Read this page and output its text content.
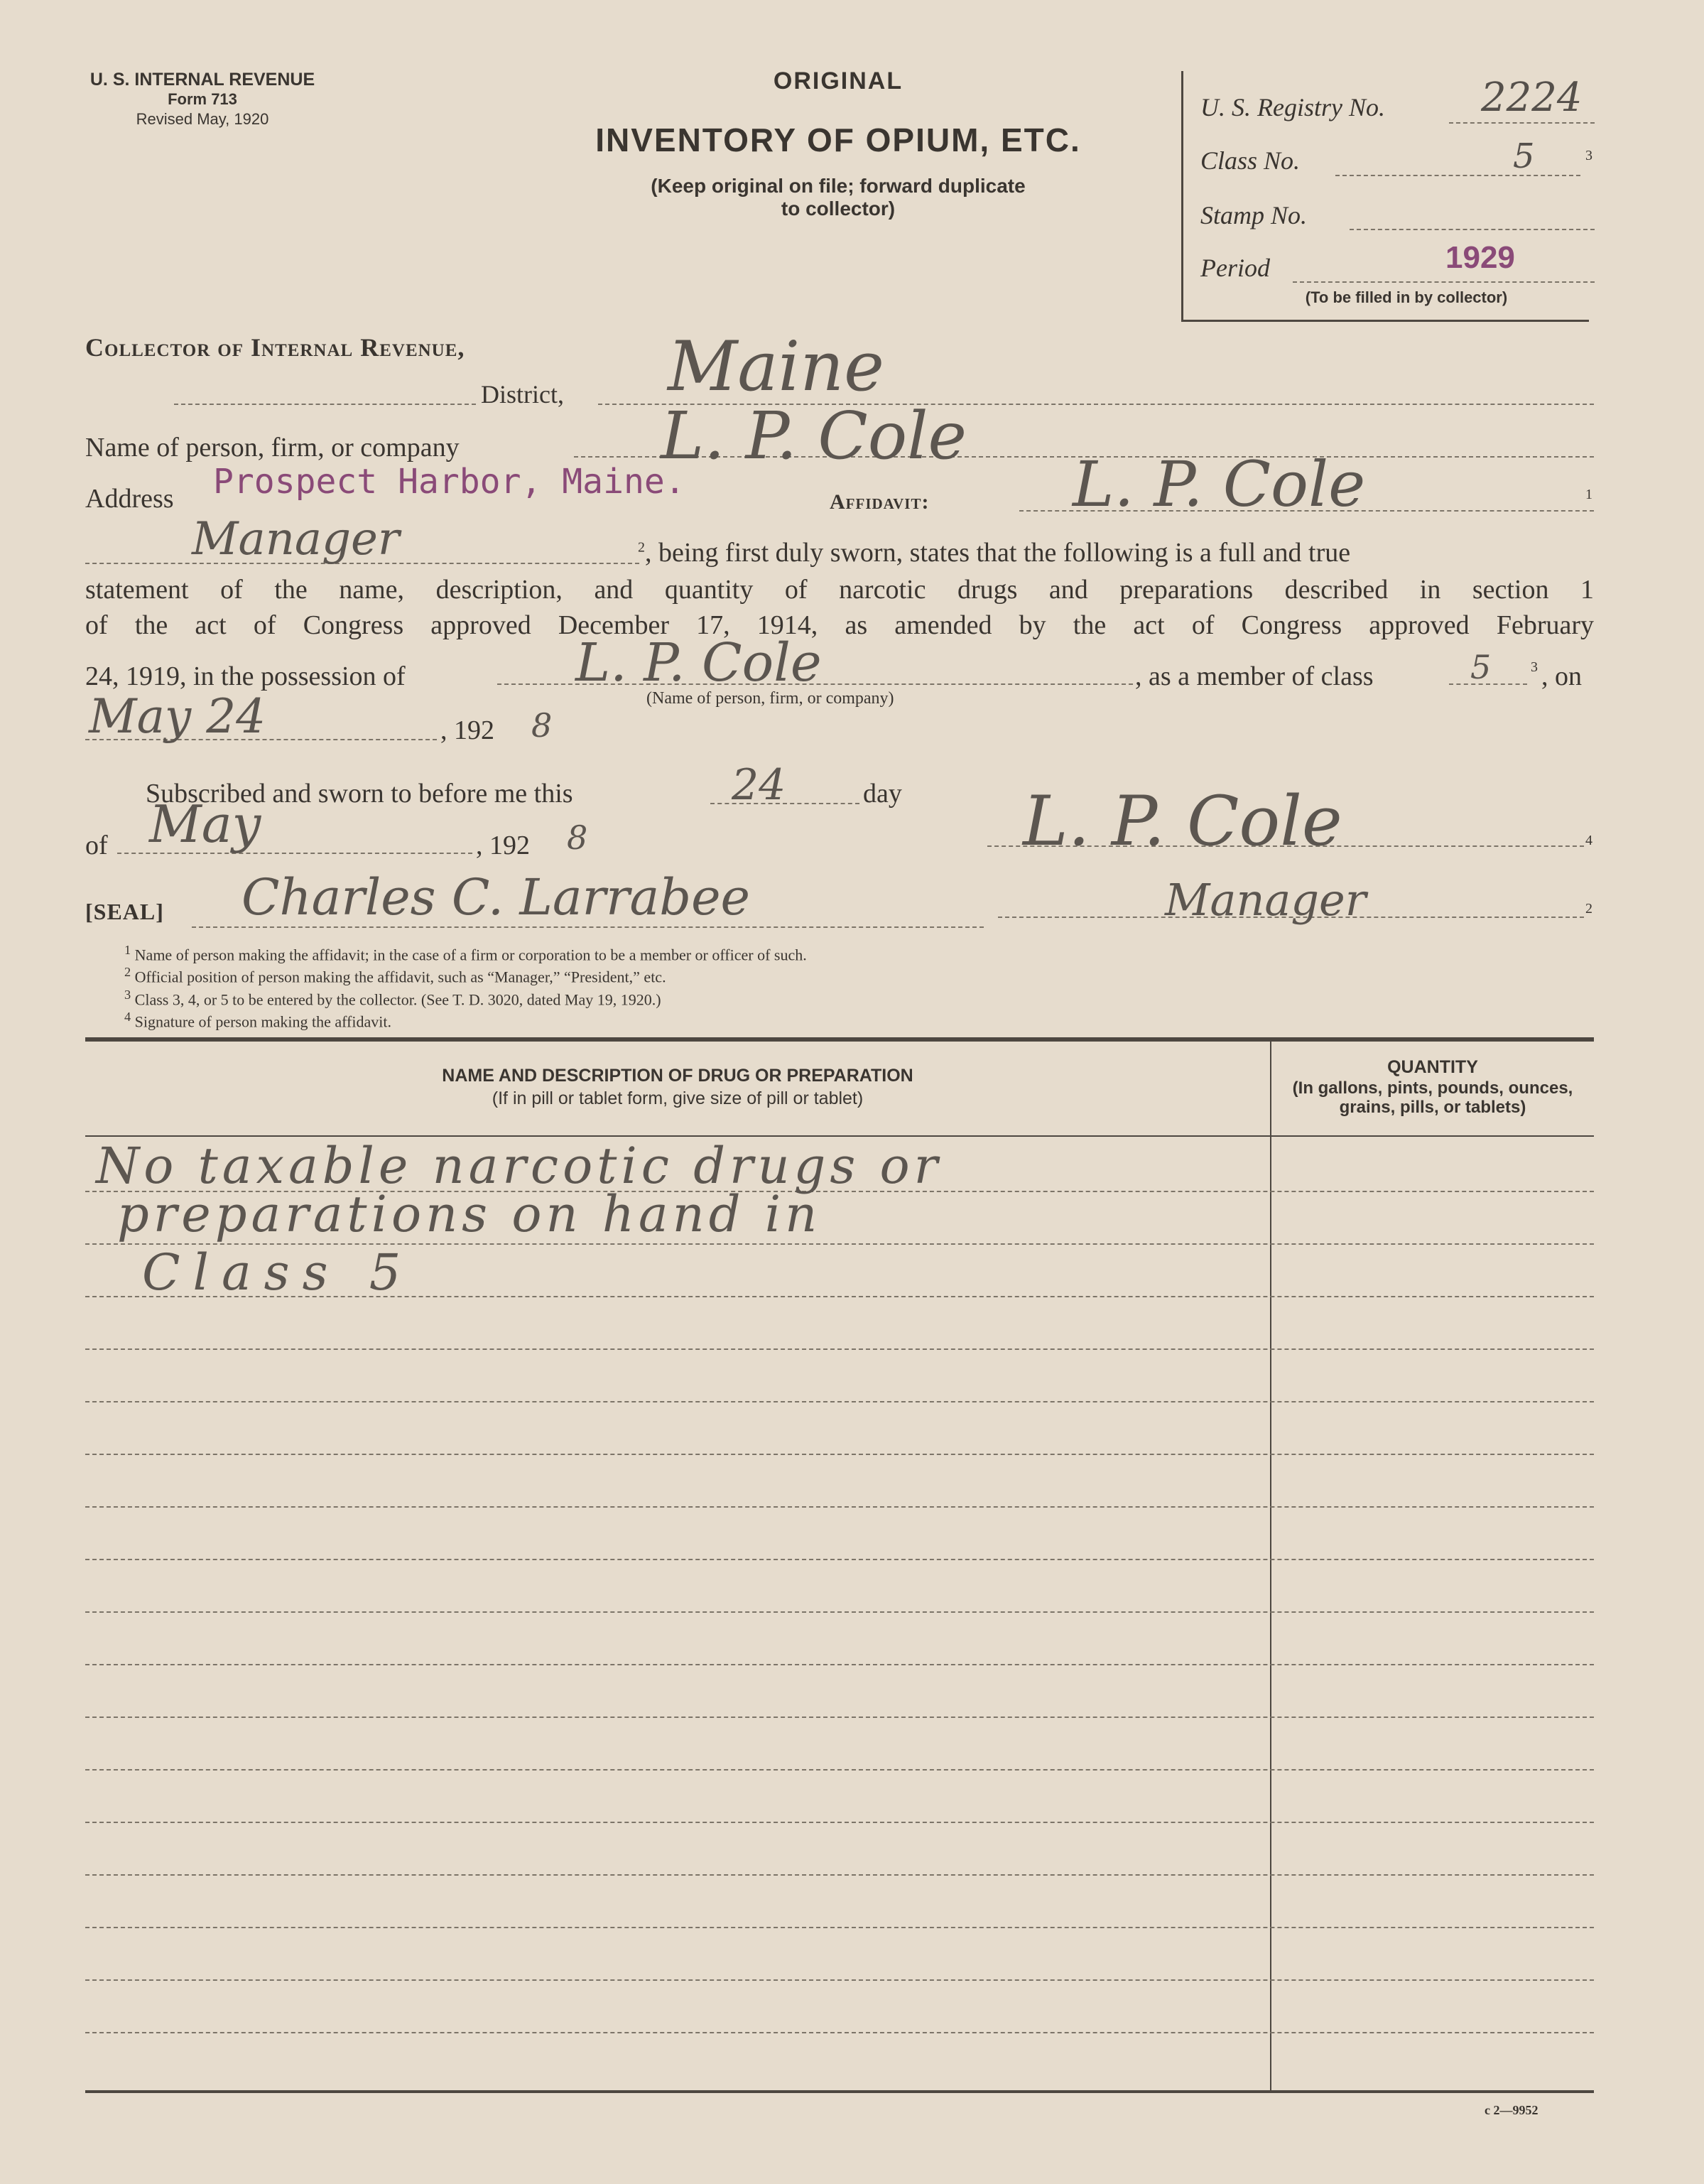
U. S. INTERNAL REVENUE
Form 713
Revised May, 1920
ORIGINAL
INVENTORY OF OPIUM, ETC.
(Keep original on file; forward duplicate
to collector)
U. S. Registry No. 2224
Class No.	5	3
Stamp No.
Period	1929
(To be filled in by collector)
Collector of Internal Revenue,
District, Maine
Name of person, firm, or company	L. P. Cole
Address Prospect Harbor, Maine.
Affidavit: L. P. Cole	1
Manager	$^2$, being first duly sworn, states that the following is a full and true
statement of the name, description, and quantity of narcotic drugs and preparations described in section 1
of the act of Congress approved December 17, 1914, as amended by the act of Congress approved February
24, 1919, in the possession of	L. P. Cole	, as a member of class	5	3 , on
(Name of person, firm, or company)
May 24	, 192 8
Subscribed and sworn to before me this	24	day
of May	, 192 8	L. P. Cole	4
[SEAL] Charles C. Larrabee	Manager	2
$^1$ Name of person making the affidavit; in the case of a firm or corporation to be a member or officer of such.
$^2$ Official position of person making the affidavit, such as “Manager,” “President,” etc.
$^3$ Class 3, 4, or 5 to be entered by the collector. (See T. D. 3020, dated May 19, 1920.)
$^4$ Signature of person making the affidavit.
NAME AND DESCRIPTION OF DRUG OR PREPARATION
(If in pill or tablet form, give size of pill or tablet)
QUANTITY
(In gallons, pints, pounds, ounces,
grains, pills, or tablets)
No taxable narcotic drugs or
preparations on hand in
Class 5
c 2—9952
